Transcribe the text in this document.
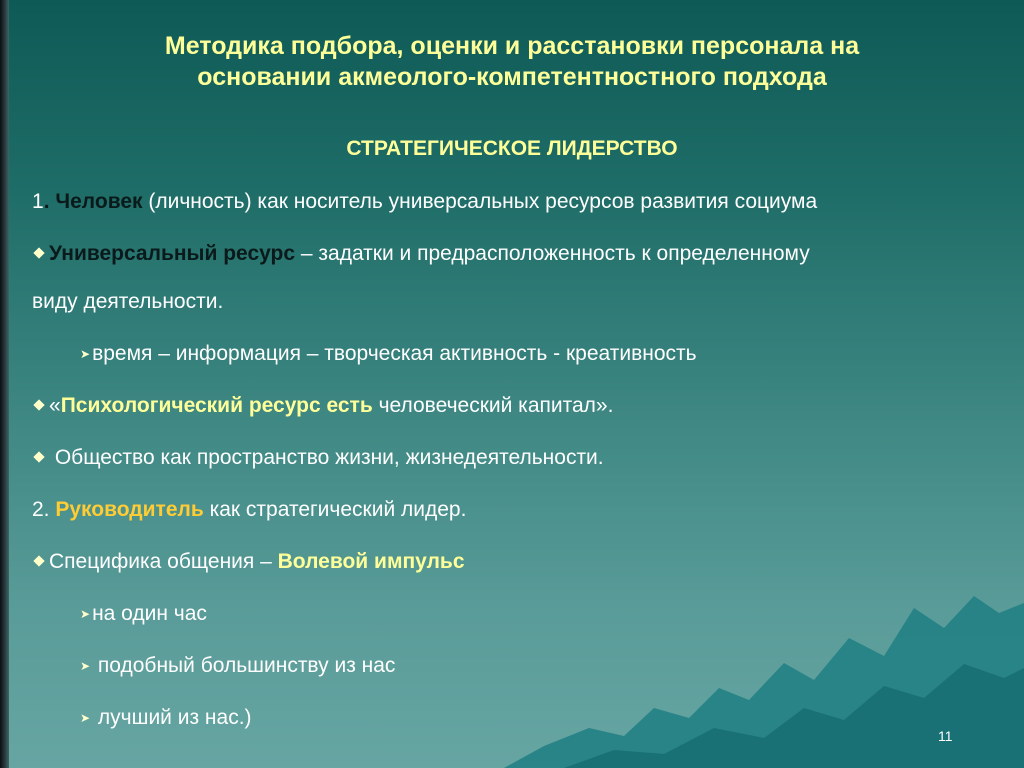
Методика подбора, оценки и расстановки персонала на
основании акмеолого-компетентностного подхода
СТРАТЕГИЧЕСКОЕ ЛИДЕРСТВО
1. Человек (личность) как носитель универсальных ресурсов развития социума
Универсальный ресурс – задатки и предрасположенность к определенному
виду деятельности.
➤время – информация – творческая активность - креативность
«Психологический ресурс есть человеческий капитал».
Общество как пространство жизни, жизнедеятельности.
2. Руководитель как стратегический лидер.
Специфика общения – Волевой импульс
➤на один час
➤ подобный большинству из нас
➤ лучший из нас.)
11
